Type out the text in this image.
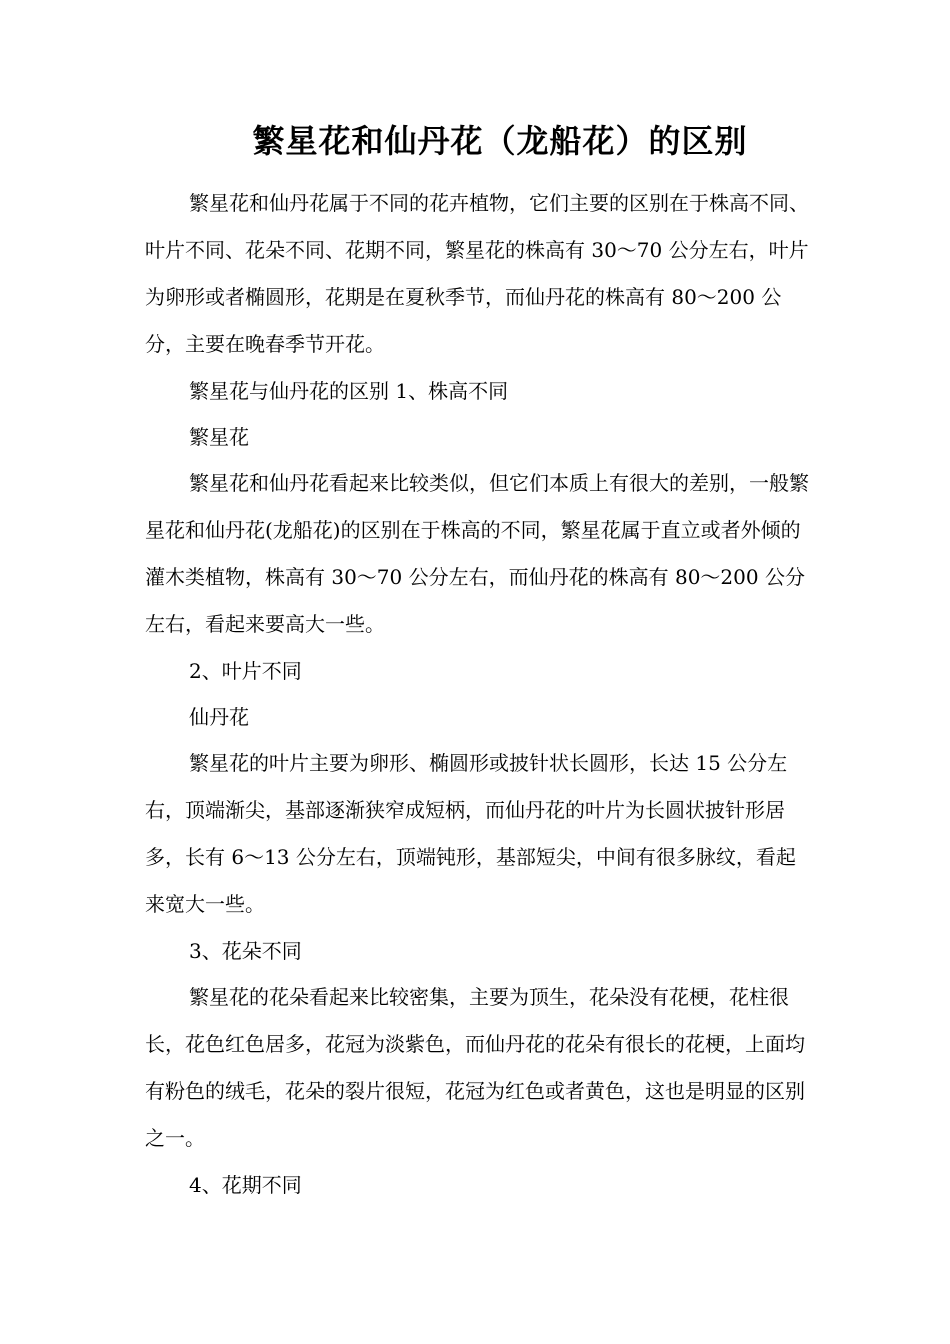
繁星花和仙丹花（龙船花）的区别

繁星花和仙丹花属于不同的花卉植物，它们主要的区别在于株高不同、叶片不同、花朵不同、花期不同，繁星花的株高有 30～70 公分左右，叶片为卵形或者椭圆形，花期是在夏秋季节，而仙丹花的株高有 80～200 公分，主要在晚春季节开花。

繁星花与仙丹花的区别 1、株高不同

繁星花

繁星花和仙丹花看起来比较类似，但它们本质上有很大的差别，一般繁星花和仙丹花(龙船花)的区别在于株高的不同，繁星花属于直立或者外倾的灌木类植物，株高有 30～70 公分左右，而仙丹花的株高有 80～200 公分左右，看起来要高大一些。

2、叶片不同

仙丹花

繁星花的叶片主要为卵形、椭圆形或披针状长圆形，长达 15 公分左右，顶端渐尖，基部逐渐狭窄成短柄，而仙丹花的叶片为长圆状披针形居多，长有 6～13 公分左右，顶端钝形，基部短尖，中间有很多脉纹，看起来宽大一些。

3、花朵不同

繁星花的花朵看起来比较密集，主要为顶生，花朵没有花梗，花柱很长，花色红色居多，花冠为淡紫色，而仙丹花的花朵有很长的花梗，上面均有粉色的绒毛，花朵的裂片很短，花冠为红色或者黄色，这也是明显的区别之一。

4、花期不同
